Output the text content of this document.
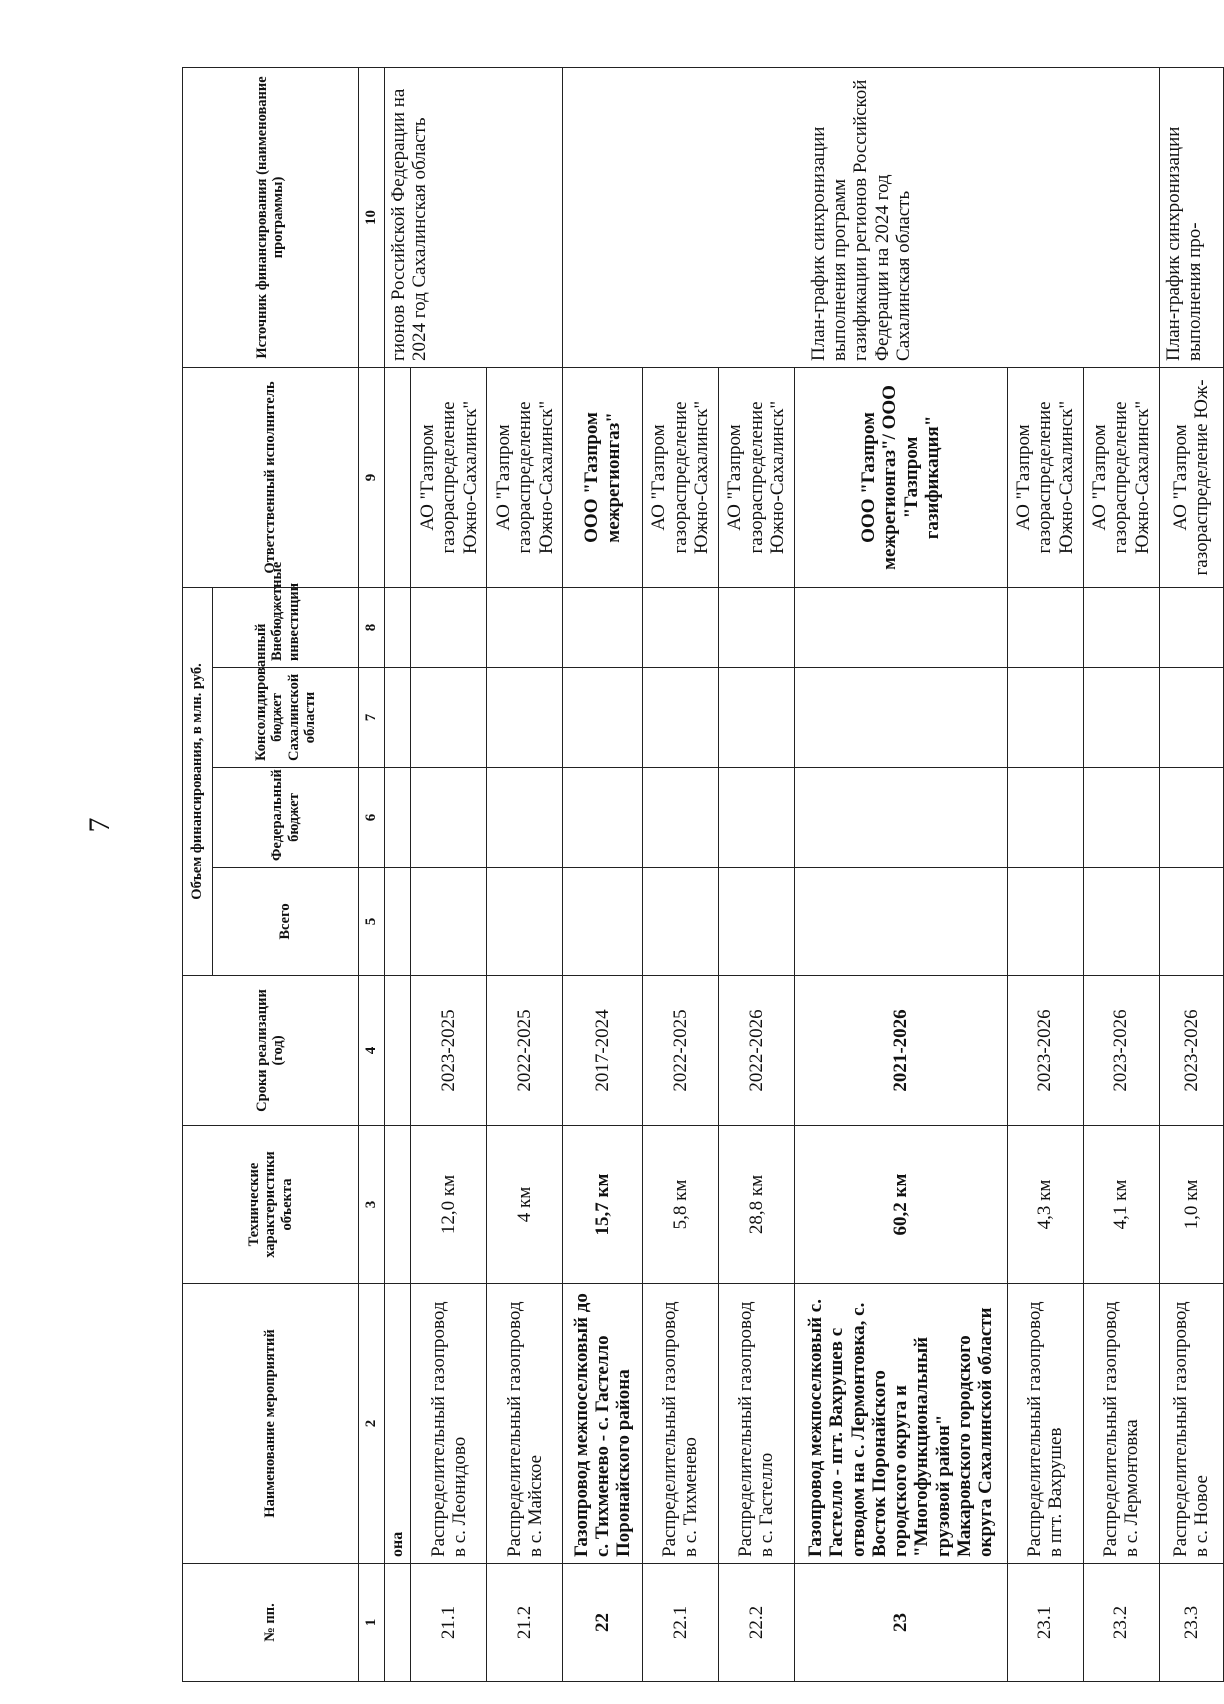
7
№ пп.	Наименование мероприятий	Технические характеристики объекта	Сроки реализации (год)	Объем финансирования, в млн. руб.				Ответственный исполнитель	Источник финансирования (наименование программы)
				Всего	Федеральный бюджет	Консолидированный бюджет Сахалинской области	Внебюджетные инвестиции		
1	2	3	4	5	6	7	8	9	10
	она								гионов Российской Федерации на 2024 год Сахалинская область
21.1	Распределительный газопровод в с. Леонидово	12,0 км	2023-2025					АО "Газпром газораспределение Южно-Сахалинск"	
21.2	Распределительный газопровод в с. Майское	4 км	2022-2025					АО "Газпром газораспределение Южно-Сахалинск"	
22	Газопровод межпоселковый до с. Тихменево - с. Гастелло Поронайского района	15,7 км	2017-2024					ООО "Газпром межрегионгаз"	План-график синхронизации выполнения программ газификации регионов Российской Федерации на 2024 год Сахалинская область
22.1	Распределительный газопровод в с. Тихменево	5,8 км	2022-2025					АО "Газпром газораспределение Южно-Сахалинск"	
22.2	Распределительный газопровод в с. Гастелло	28,8 км	2022-2026					АО "Газпром газораспределение Южно-Сахалинск"	
23	Газопровод межпоселковый с. Гастелло - пгт. Вахрушев с отводом на с. Лермонтовка, с. Восток Поронайского городского округа и "Многофункциональный грузовой район" Макаровского городского округа Сахалинской области	60,2 км	2021-2026					ООО "Газпром межрегионгаз"/ ООО "Газпром газификация"	
23.1	Распределительный газопровод в пгт. Вахрушев	4,3 км	2023-2026					АО "Газпром газораспределение Южно-Сахалинск"	
23.2	Распределительный газопровод в с. Лермонтовка	4,1 км	2023-2026					АО "Газпром газораспределение Южно-Сахалинск"	
23.3	Распределительный газопровод в с. Новое	1,0 км	2023-2026					АО "Газпром газораспределение Юж-	План-график синхронизации выполнения про-
